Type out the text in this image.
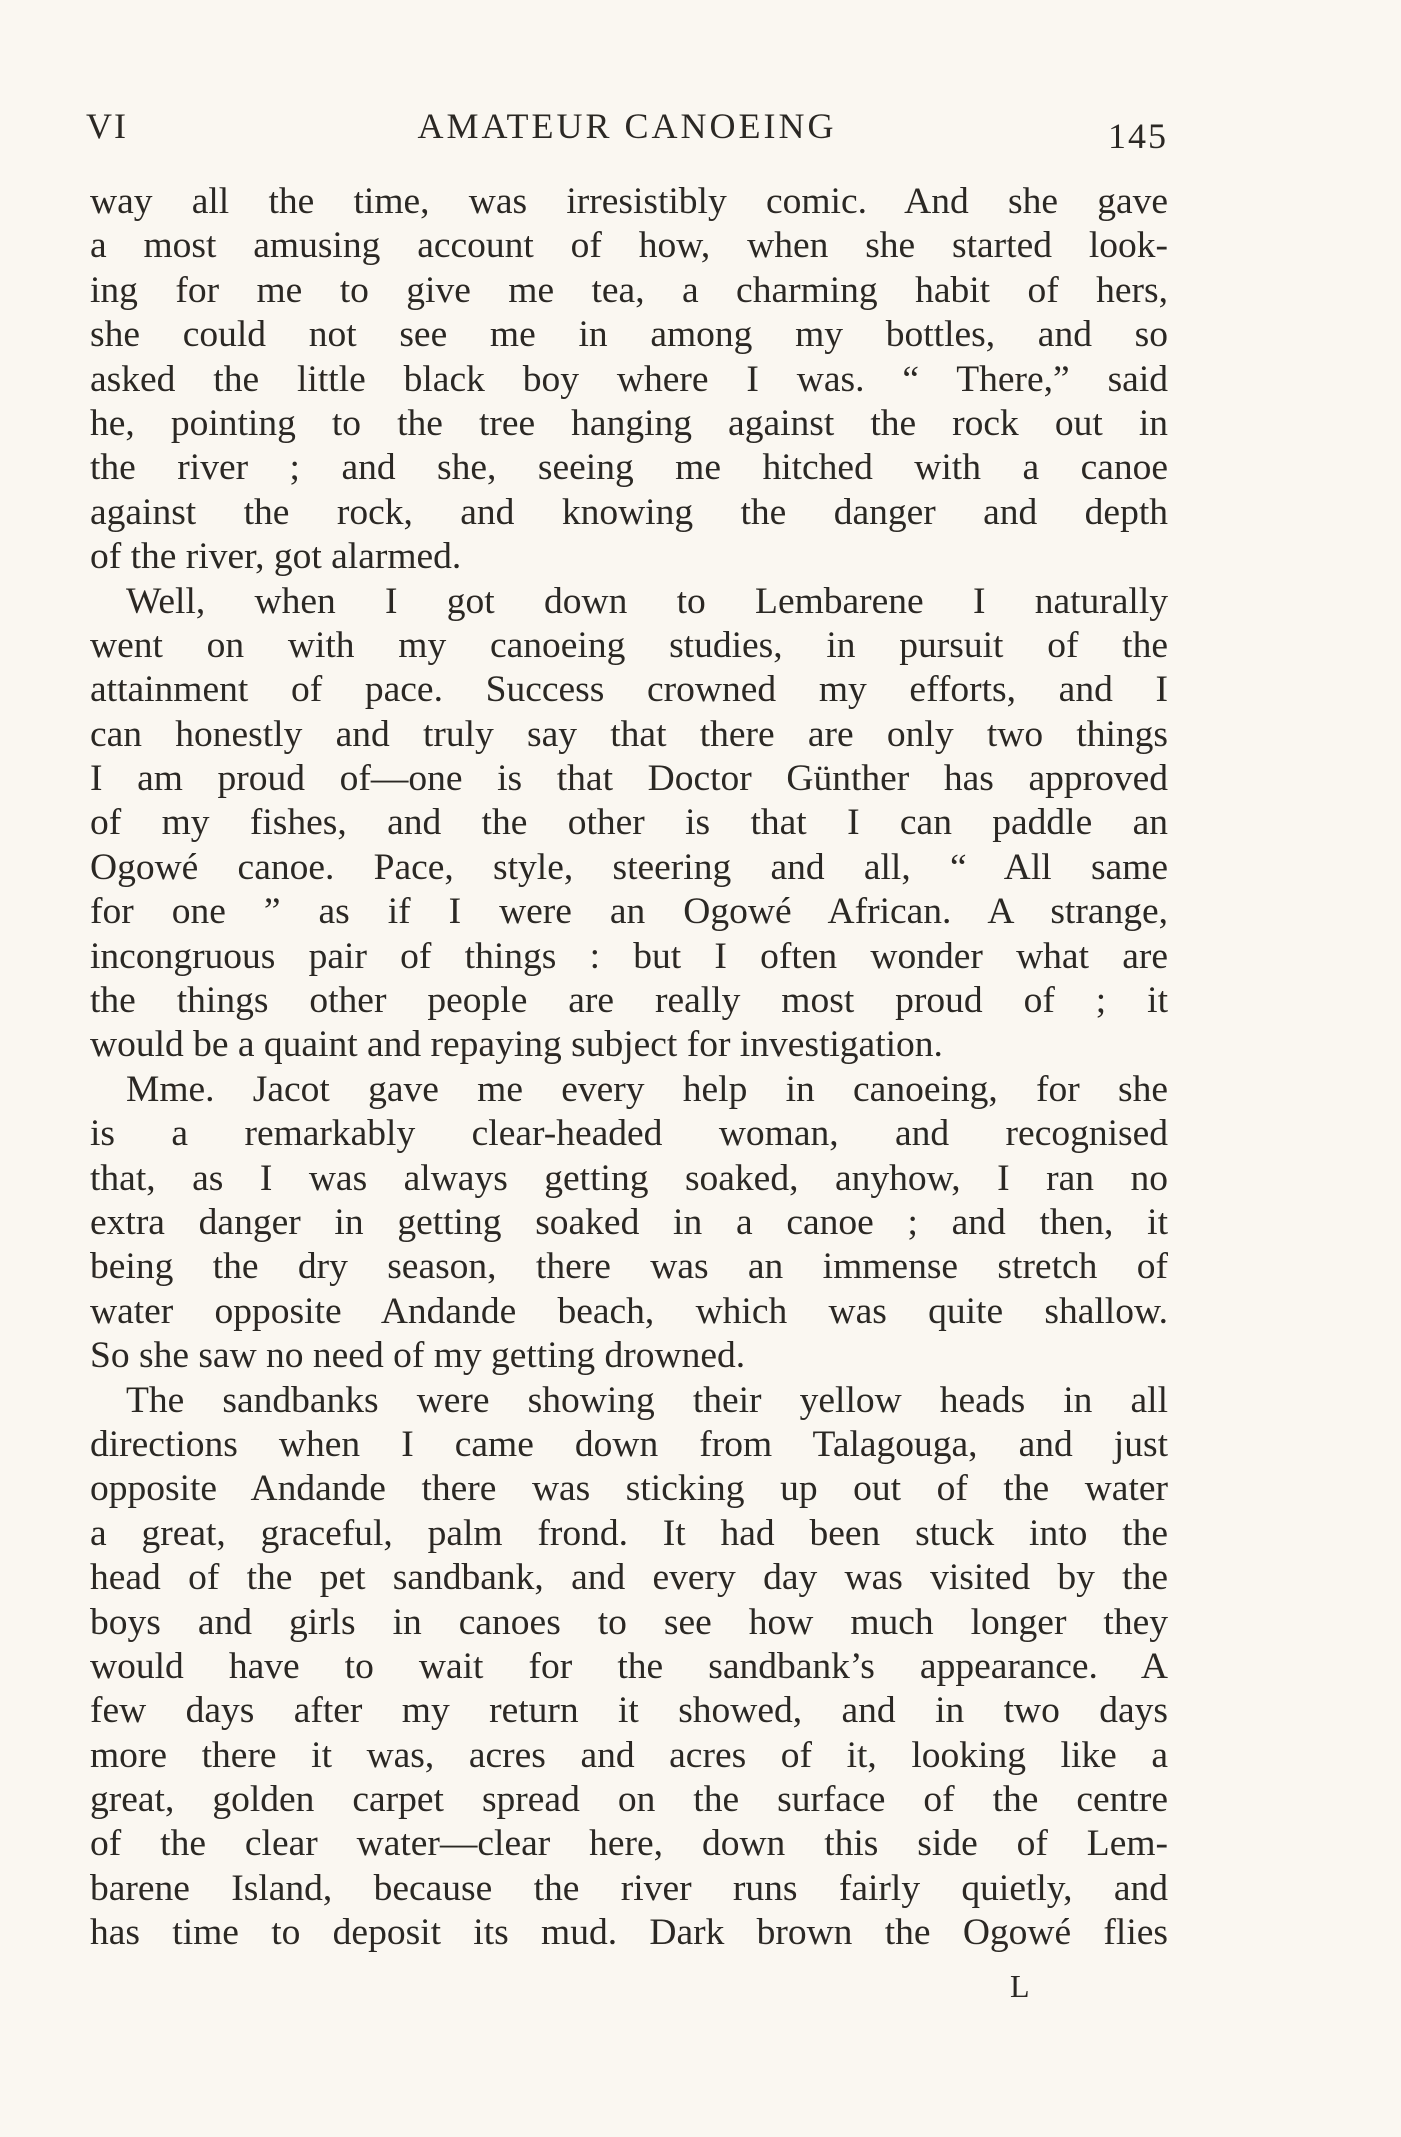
VI	AMATEUR CANOEING	145
way all the time, was irresistibly comic. And she gave
a most amusing account of how, when she started look-
ing for me to give me tea, a charming habit of hers,
she could not see me in among my bottles, and so
asked the little black boy where I was. “ There,” said
he, pointing to the tree hanging against the rock out in
the river ; and she, seeing me hitched with a canoe
against the rock, and knowing the danger and depth
of the river, got alarmed.
Well, when I got down to Lembarene I naturally
went on with my canoeing studies, in pursuit of the
attainment of pace. Success crowned my efforts, and I
can honestly and truly say that there are only two things
I am proud of—one is that Doctor Günther has approved
of my fishes, and the other is that I can paddle an
Ogowé canoe. Pace, style, steering and all, “ All same
for one ” as if I were an Ogowé African. A strange,
incongruous pair of things : but I often wonder what are
the things other people are really most proud of ; it
would be a quaint and repaying subject for investigation.
Mme. Jacot gave me every help in canoeing, for she
is a remarkably clear-headed woman, and recognised
that, as I was always getting soaked, anyhow, I ran no
extra danger in getting soaked in a canoe ; and then, it
being the dry season, there was an immense stretch of
water opposite Andande beach, which was quite shallow.
So she saw no need of my getting drowned.
The sandbanks were showing their yellow heads in all
directions when I came down from Talagouga, and just
opposite Andande there was sticking up out of the water
a great, graceful, palm frond. It had been stuck into the
head of the pet sandbank, and every day was visited by the
boys and girls in canoes to see how much longer they
would have to wait for the sandbank’s appearance. A
few days after my return it showed, and in two days
more there it was, acres and acres of it, looking like a
great, golden carpet spread on the surface of the centre
of the clear water—clear here, down this side of Lem-
barene Island, because the river runs fairly quietly, and
has time to deposit its mud. Dark brown the Ogowé flies
L
